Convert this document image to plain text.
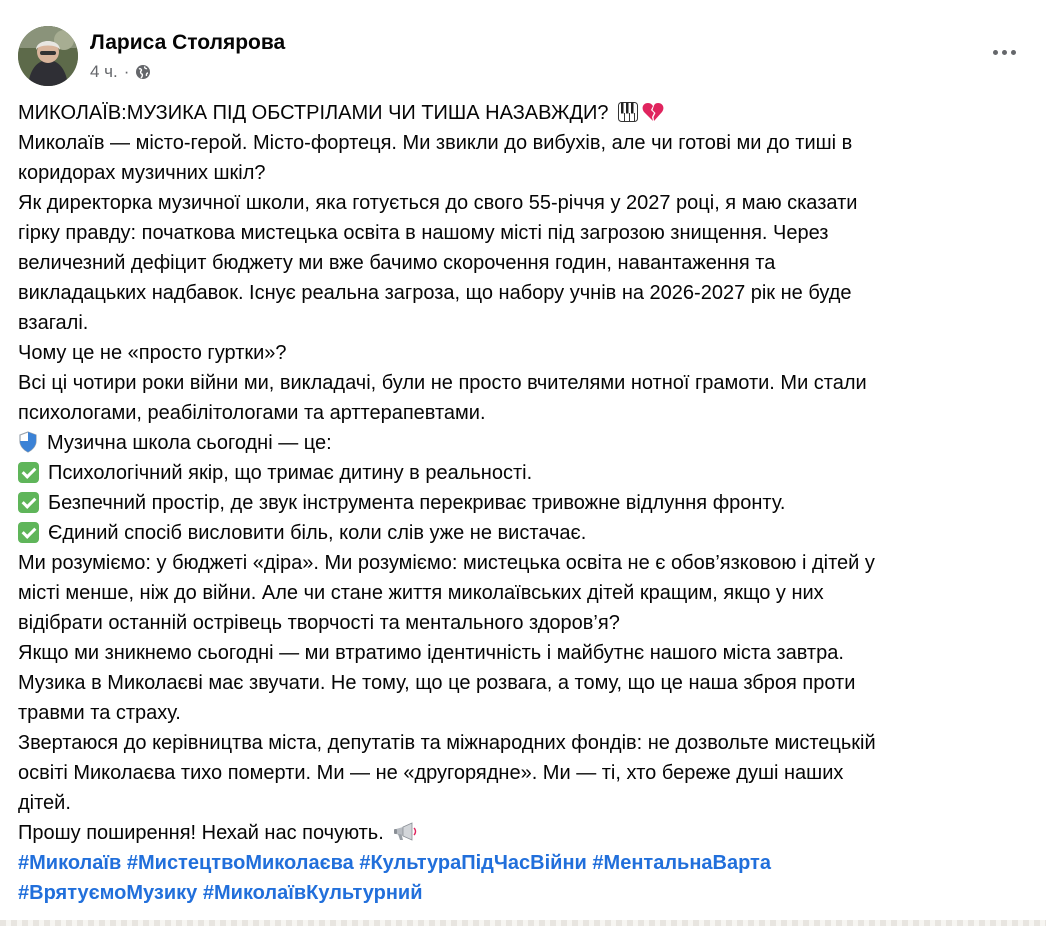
Лариса Столярова
4 ч. ·
МИКОЛАЇВ:МУЗИКА ПІД ОБСТРІЛАМИ ЧИ ТИША НАЗАВЖДИ?
Миколаїв — місто-герой. Місто-фортеця. Ми звикли до вибухів, але чи готові ми до тиші в
коридорах музичних шкіл?
Як директорка музичної школи, яка готується до свого 55-річчя у 2027 році, я маю сказати
гірку правду: початкова мистецька освіта в нашому місті під загрозою знищення. Через
величезний дефіцит бюджету ми вже бачимо скорочення годин, навантаження та
викладацьких надбавок. Існує реальна загроза, що набору учнів на 2026-2027 рік не буде
взагалі.
Чому це не «просто гуртки»?
Всі ці чотири роки війни ми, викладачі, були не просто вчителями нотної грамоти. Ми стали
психологами, реабілітологами та арттерапевтами.
Музична школа сьогодні — це:
Психологічний якір, що тримає дитину в реальності.
Безпечний простір, де звук інструмента перекриває тривожне відлуння фронту.
Єдиний спосіб висловити біль, коли слів уже не вистачає.
Ми розуміємо: у бюджеті «діра». Ми розуміємо: мистецька освіта не є обов’язковою і дітей у
місті менше, ніж до війни. Але чи стане життя миколаївських дітей кращим, якщо у них
відібрати останній острівець творчості та ментального здоров’я?
Якщо ми зникнемо сьогодні — ми втратимо ідентичність і майбутнє нашого міста завтра.
Музика в Миколаєві має звучати. Не тому, що це розвага, а тому, що це наша зброя проти
травми та страху.
Звертаюся до керівництва міста, депутатів та міжнародних фондів: не дозвольте мистецькій
освіті Миколаєва тихо померти. Ми — не «другорядне». Ми — ті, хто береже душі наших
дітей.
Прошу поширення! Нехай нас почують.
#Миколаїв #МистецтвоМиколаєва #КультураПідЧасВійни #МентальнаВарта
#ВрятуємоМузику #МиколаївКультурний
